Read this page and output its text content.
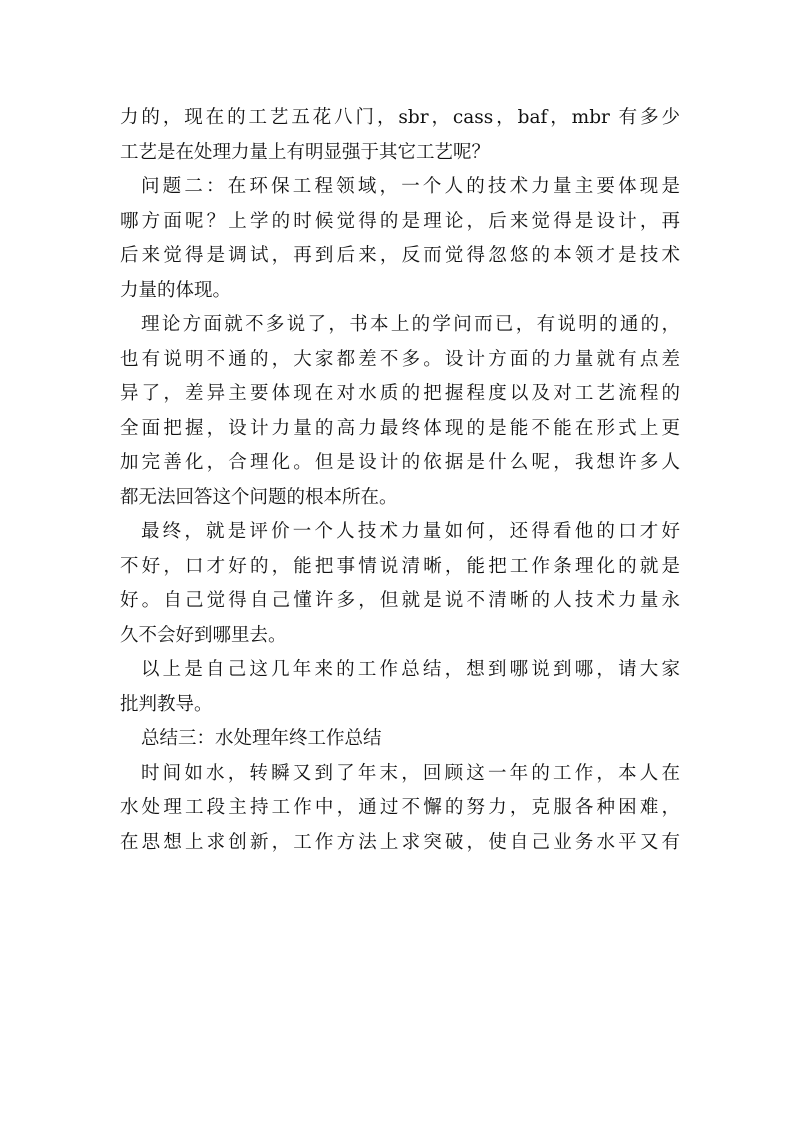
力的，现在的工艺五花八门，sbr，cass，baf，mbr 有多少
工艺是在处理力量上有明显强于其它工艺呢？
问题二：在环保工程领域，一个人的技术力量主要体现是
哪方面呢？上学的时候觉得的是理论，后来觉得是设计，再
后来觉得是调试，再到后来，反而觉得忽悠的本领才是技术
力量的体现。
理论方面就不多说了，书本上的学问而已，有说明的通的，
也有说明不通的，大家都差不多。设计方面的力量就有点差
异了，差异主要体现在对水质的把握程度以及对工艺流程的
全面把握，设计力量的高力最终体现的是能不能在形式上更
加完善化，合理化。但是设计的依据是什么呢，我想许多人
都无法回答这个问题的根本所在。
最终，就是评价一个人技术力量如何，还得看他的口才好
不好，口才好的，能把事情说清晰，能把工作条理化的就是
好。自己觉得自己懂许多，但就是说不清晰的人技术力量永
久不会好到哪里去。
以上是自己这几年来的工作总结，想到哪说到哪，请大家
批判教导。
总结三：水处理年终工作总结
时间如水，转瞬又到了年末，回顾这一年的工作，本人在
水处理工段主持工作中，通过不懈的努力，克服各种困难，
在思想上求创新，工作方法上求突破，使自己业务水平又有
